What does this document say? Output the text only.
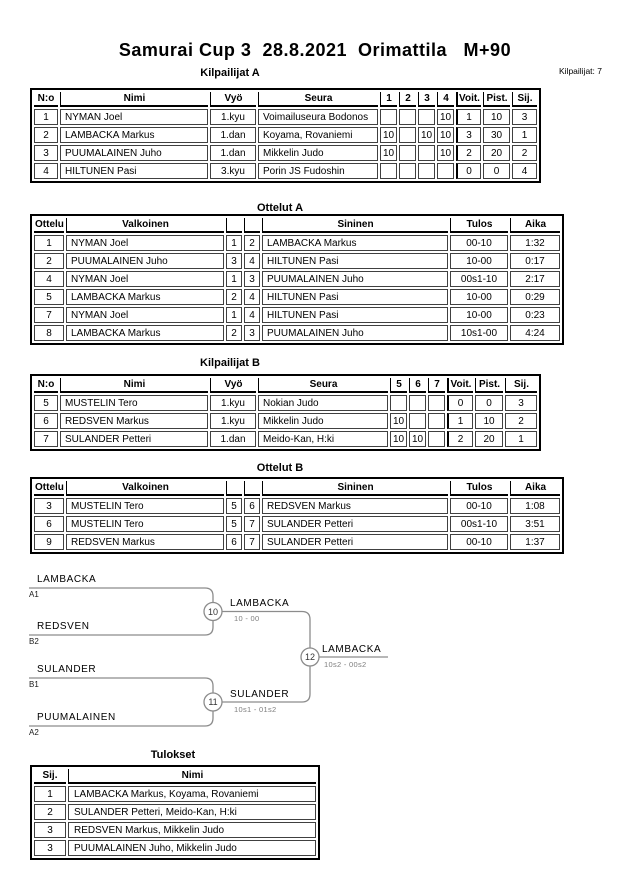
Samurai Cup 3  28.8.2021  Orimattila   M+90
Kilpailijat: 7
Kilpailijat A
N:o	Nimi	Vyö	Seura	1	2	3	4	Voit.	Pist.	Sij.
1	NYMAN Joel	1.kyu	Voimailuseura Bodonos				10	1	10	3
2	LAMBACKA Markus	1.dan	Koyama, Rovaniemi	10		10	10	3	30	1
3	PUUMALAINEN Juho	1.dan	Mikkelin Judo	10			10	2	20	2
4	HILTUNEN Pasi	3.kyu	Porin JS Fudoshin					0	0	4
Ottelut A
Ottelu	Valkoinen			Sininen	Tulos	Aika
1	NYMAN Joel	1	2	LAMBACKA Markus	00-10	1:32
2	PUUMALAINEN Juho	3	4	HILTUNEN Pasi	10-00	0:17
4	NYMAN Joel	1	3	PUUMALAINEN Juho	00s1-10	2:17
5	LAMBACKA Markus	2	4	HILTUNEN Pasi	10-00	0:29
7	NYMAN Joel	1	4	HILTUNEN Pasi	10-00	0:23
8	LAMBACKA Markus	2	3	PUUMALAINEN Juho	10s1-00	4:24
Kilpailijat B
N:o	Nimi	Vyö	Seura	5	6	7	Voit.	Pist.	Sij.
5	MUSTELIN Tero	1.kyu	Nokian Judo				0	0	3
6	REDSVEN Markus	1.kyu	Mikkelin Judo	10			1	10	2
7	SULANDER Petteri	1.dan	Meido-Kan, H:ki	10	10		2	20	1
Ottelut B
Ottelu	Valkoinen			Sininen	Tulos	Aika
3	MUSTELIN Tero	5	6	REDSVEN Markus	00-10	1:08
6	MUSTELIN Tero	5	7	SULANDER Petteri	00s1-10	3:51
9	REDSVEN Markus	6	7	SULANDER Petteri	00-10	1:37
LAMBACKA
A1
REDSVEN
B2
10
LAMBACKA
10 - 00
SULANDER
B1
PUUMALAINEN
A2
11
SULANDER
10s1 - 01s2
12
LAMBACKA
10s2 - 00s2
Tulokset
Sij.	Nimi
1	LAMBACKA Markus, Koyama, Rovaniemi
2	SULANDER Petteri, Meido-Kan, H:ki
3	REDSVEN Markus, Mikkelin Judo
3	PUUMALAINEN Juho, Mikkelin Judo
